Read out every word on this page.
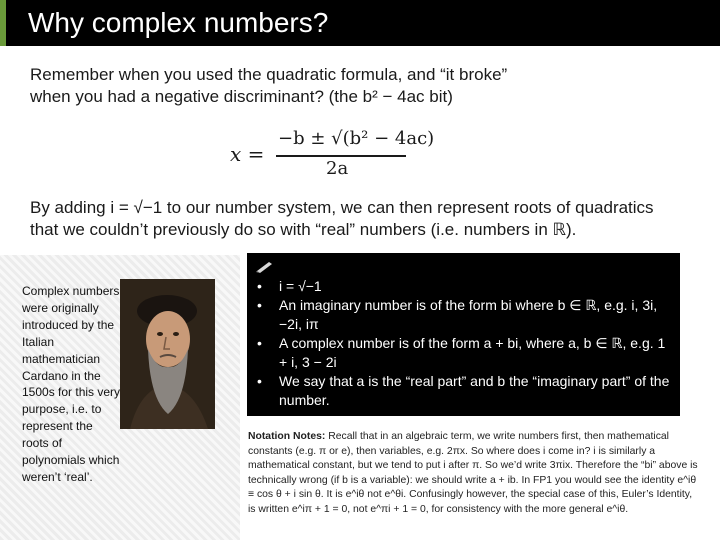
Why complex numbers?
Remember when you used the quadratic formula, and “it broke”
when you had a negative discriminant? (the b² − 4ac bit)
x =
−b ± √(b² − 4ac)
2a
By adding i = √−1 to our number system, we can then represent roots of quadratics
that we couldn’t previously do so with “real” numbers (i.e. numbers in ℝ).
Complex numbers were originally introduced by the Italian mathematician Cardano in the 1500s for this very purpose, i.e. to represent the roots of polynomials which weren’t ‘real’.
• i = √−1
• An imaginary number is of the form bi where b ∈ ℝ, e.g. i, 3i, −2i, iπ
• A complex number is of the form a + bi, where a, b ∈ ℝ, e.g. 1 + i, 3 − 2i
• We say that a is the “real part” and b the “imaginary part” of the number.
Notation Notes: Recall that in an algebraic term, we write numbers first, then mathematical constants (e.g. π or e), then variables, e.g. 2πx. So where does i come in? i is similarly a mathematical constant, but we tend to put i after π. So we’d write 3πix. Therefore the “bi” above is technically wrong (if b is a variable): we should write a + ib. In FP1 you would see the identity e^iθ ≡ cos θ + i sin θ. It is e^iθ not e^θi. Confusingly however, the special case of this, Euler’s Identity, is written e^iπ + 1 = 0, not e^πi + 1 = 0, for consistency with the more general e^iθ.
